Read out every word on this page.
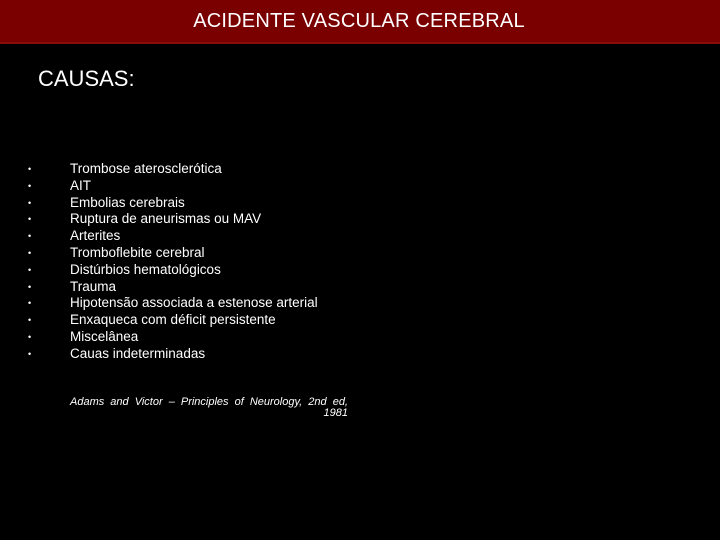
ACIDENTE VASCULAR CEREBRAL
CAUSAS:
•	Trombose aterosclerótica
•	AIT
•	Embolias cerebrais
•	Ruptura de aneurismas ou MAV
•	Arterites
•	Tromboflebite cerebral
•	Distúrbios hematológicos
•	Trauma
•	Hipotensão associada a estenose arterial
•	Enxaqueca com déficit persistente
•	Miscelânea
•	Cauas indeterminadas
Adams and Victor – Principles of Neurology, 2nd ed, 1981
